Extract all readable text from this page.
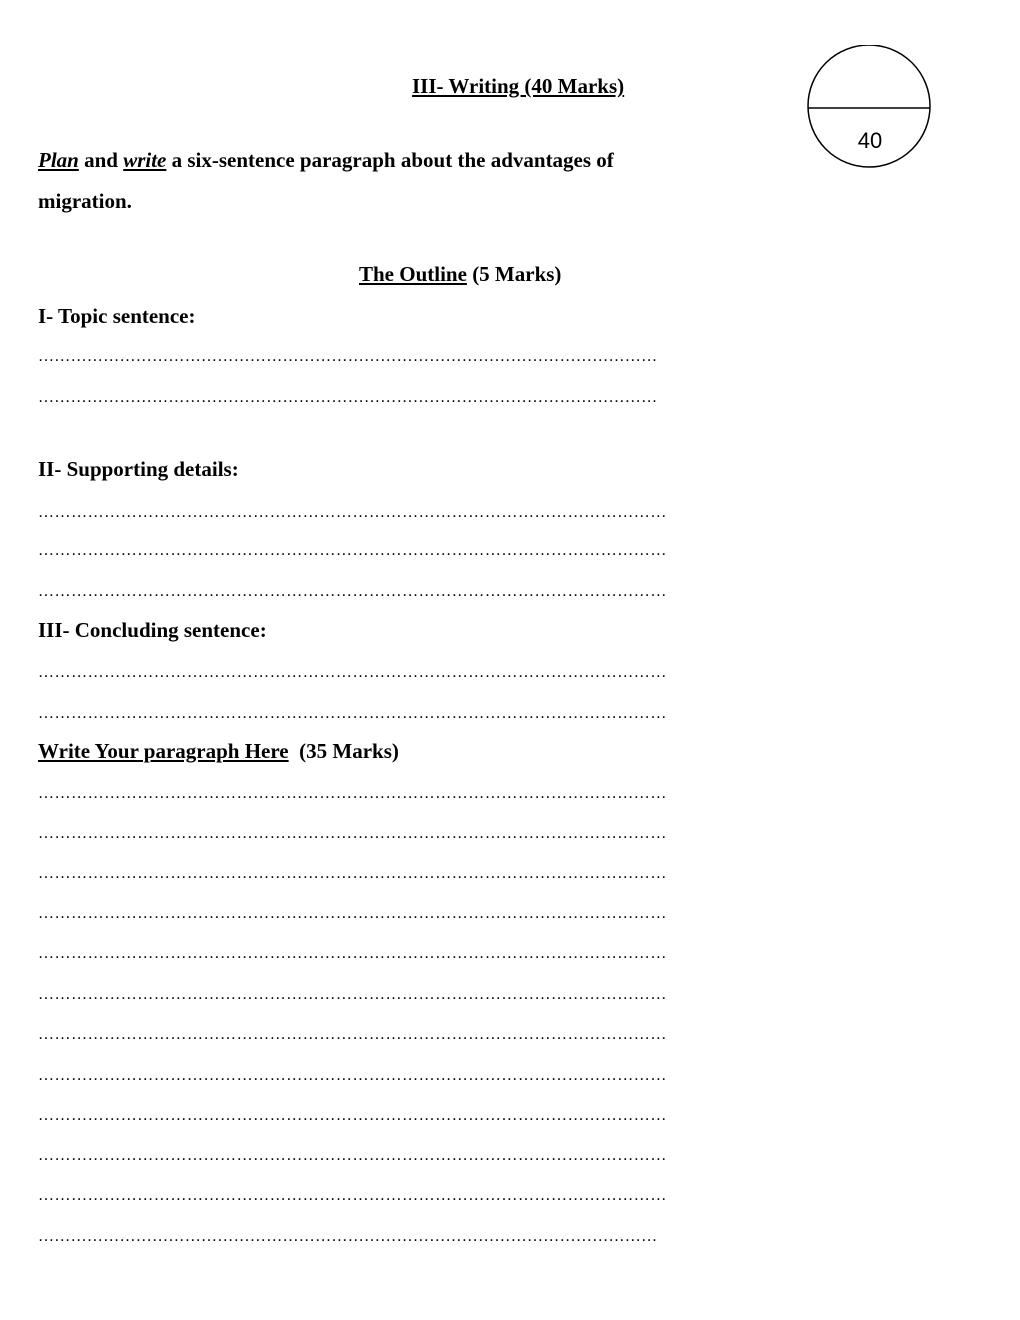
III- Writing (40 Marks)
40
Plan and write a six-sentence paragraph about the advantages of
migration.
The Outline (5 Marks)
I- Topic sentence:
……………………………………………………………………………………………………
……………………………………………………………………………………………………
II- Supporting details:
……………………………………………………………………………………………………
……………………………………………………………………………………………………
……………………………………………………………………………………………………
III- Concluding sentence:
……………………………………………………………………………………………………
……………………………………………………………………………………………………
Write Your paragraph Here  (35 Marks)
……………………………………………………………………………………………………
……………………………………………………………………………………………………
……………………………………………………………………………………………………
……………………………………………………………………………………………………
……………………………………………………………………………………………………
……………………………………………………………………………………………………
……………………………………………………………………………………………………
……………………………………………………………………………………………………
……………………………………………………………………………………………………
……………………………………………………………………………………………………
……………………………………………………………………………………………………
……………………………………………………………………………………………………
